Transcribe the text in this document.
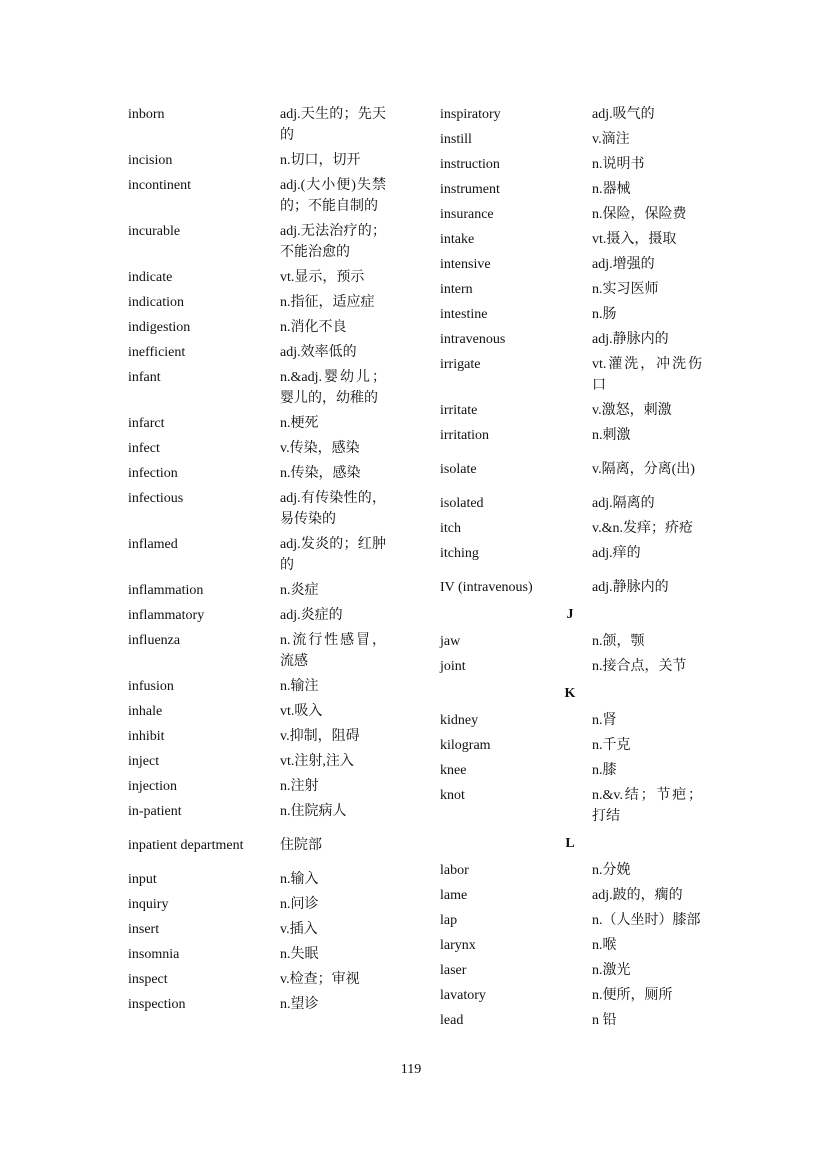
inborn	adj.天生的；先天的
incision	n.切口，切开
incontinent	adj.(大小便)失禁的；不能自制的
incurable	adj.无法治疗的；不能治愈的
indicate	vt.显示，预示
indication	n.指征，适应症
indigestion	n.消化不良
inefficient	adj.效率低的
infant	n.&adj.婴幼儿；婴儿的，幼稚的
infarct	n.梗死
infect	v.传染，感染
infection	n.传染，感染
infectious	adj.有传染性的，易传染的
inflamed	adj.发炎的；红肿的
inflammation	n.炎症
inflammatory	adj.炎症的
influenza	n.流行性感冒，流感
infusion	n.输注
inhale	vt.吸入
inhibit	v.抑制，阻碍
inject	vt.注射,注入
injection	n.注射
in-patient	n.住院病人
inpatient department	住院部
input	n.输入
inquiry	n.问诊
insert	v.插入
insomnia	n.失眠
inspect	v.检查；审视
inspection	n.望诊
inspiratory	adj.吸气的
instill	v.滴注
instruction	n.说明书
instrument	n.器械
insurance	n.保险，保险费
intake	vt.摄入，摄取
intensive	adj.增强的
intern	n.实习医师
intestine	n.肠
intravenous	adj.静脉内的
irrigate	vt.灌洗，冲洗伤口
irritate	v.激怒，刺激
irritation	n.刺激
isolate	v.隔离，分离(出)
isolated	adj.隔离的
itch	v.&n.发痒；疥疮
itching	adj.痒的
IV (intravenous)	adj.静脉内的
J
jaw	n.颌，颚
joint	n.接合点，关节
K
kidney	n.肾
kilogram	n.千克
knee	n.膝
knot	n.&v.结；节疤；打结
L
labor	n.分娩
lame	adj.跛的，瘸的
lap	n.（人坐时）膝部
larynx	n.喉
laser	n.激光
lavatory	n.便所，厕所
lead	n 铅
119
